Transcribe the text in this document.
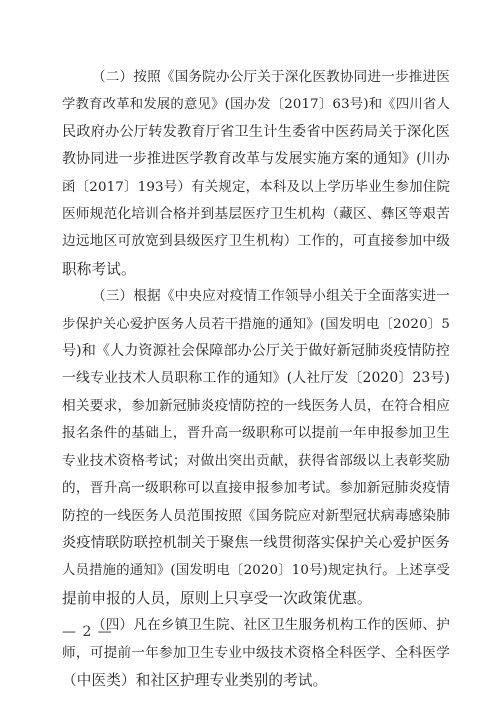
（二）按照《国务院办公厅关于深化医教协同进一步推进医
学教育改革和发展的意见》(国办发〔2017〕63号)和《四川省人
民政府办公厅转发教育厅省卫生计生委省中医药局关于深化医
教协同进一步推进医学教育改革与发展实施方案的通知》(川办
函〔2017〕193号）有关规定，本科及以上学历毕业生参加住院
医师规范化培训合格并到基层医疗卫生机构（藏区、彝区等艰苦
边远地区可放宽到县级医疗卫生机构）工作的，可直接参加中级
职称考试。

（三）根据《中央应对疫情工作领导小组关于全面落实进一
步保护关心爱护医务人员若干措施的通知》(国发明电〔2020〕5
号)和《人力资源社会保障部办公厅关于做好新冠肺炎疫情防控
一线专业技术人员职称工作的通知》(人社厅发〔2020〕23号)
相关要求，参加新冠肺炎疫情防控的一线医务人员，在符合相应
报名条件的基础上，晋升高一级职称可以提前一年申报参加卫生
专业技术资格考试；对做出突出贡献，获得省部级以上表彰奖励
的，晋升高一级职称可以直接申报参加考试。参加新冠肺炎疫情
防控的一线医务人员范围按照《国务院应对新型冠状病毒感染肺
炎疫情联防联控机制关于聚焦一线贯彻落实保护关心爱护医务
人员措施的通知》(国发明电〔2020〕10号)规定执行。上述享受
提前申报的人员，原则上只享受一次政策优惠。

（四）凡在乡镇卫生院、社区卫生服务机构工作的医师、护
师，可提前一年参加卫生专业中级技术资格全科医学、全科医学
（中医类）和社区护理专业类别的考试。

— 2 —
